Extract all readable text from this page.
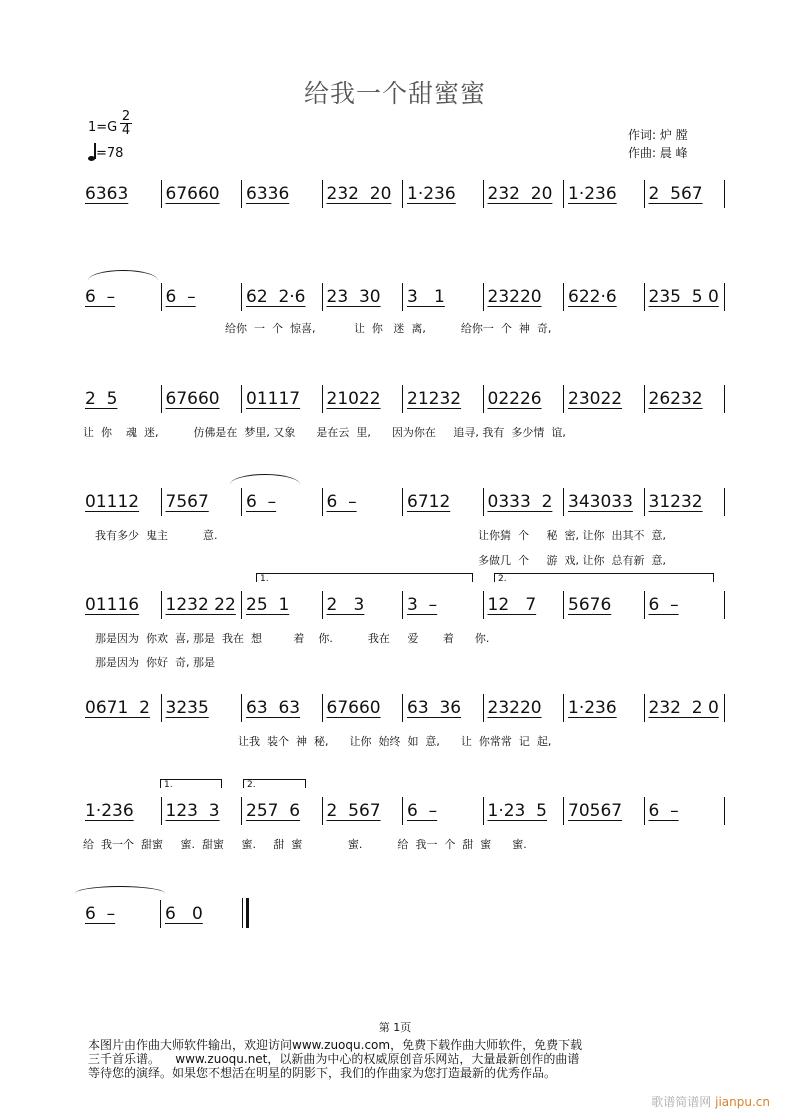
给我一个甜蜜蜜
1=G
2
4
=78
作词: 炉 膛
作曲: 晨 峰
6363	67660	6336	232  20 1·236	232  20 1·236	2  567
6  –	6  –	62  2·6	23  30	3   1	23220	622·6	235  5 0
2  5	67660	01117	21022	21232	02226	23022	26232
01112	7567	6  –	6  –	6712	0333  2 343033 31232
01116	1232 22 25  1	2   3	3  –	12   7	5676	6  –
0671  2 3235	63  63	67660	63  36	23220	1·236	232  2 0
1·236	123  3	257  6	2  567	6  –	1·23  5	70567	6  –
6  –	6   0
给你  一  个  惊喜,           让  你   迷  离,          给你一  个  神  奇,
让  你    魂  迷,          仿佛是在  梦里, 又象      是在云  里,      因为你在     追寻, 我有  多少情  谊,
我有多少  鬼主          意.	让你猜  个     秘  密, 让你  出其不  意,
多做几  个     游  戏, 让你  总有新  意,
那是因为  你欢  喜, 那是  我在  想         着    你.          我在     爱       着      你.
那是因为  你好  奇, 那是
让我  装个  神  秘,      让你  始终  如  意,      让  你常常  记  起,
给  我一个  甜蜜     蜜.  甜蜜     蜜.     甜  蜜             蜜.          给  我一  个  甜  蜜      蜜.
1.	2.
1.	2.
第 1页
本图片由作曲大师软件输出，欢迎访问www.zuoqu.com，免费下载作曲大师软件，免费下载
三千首乐谱。    www.zuoqu.net，以新曲为中心的权威原创音乐网站，大量最新创作的曲谱
等待您的演绎。如果您不想活在明星的阴影下，我们的作曲家为您打造最新的优秀作品。
歌谱简谱网 jianpu.cn
